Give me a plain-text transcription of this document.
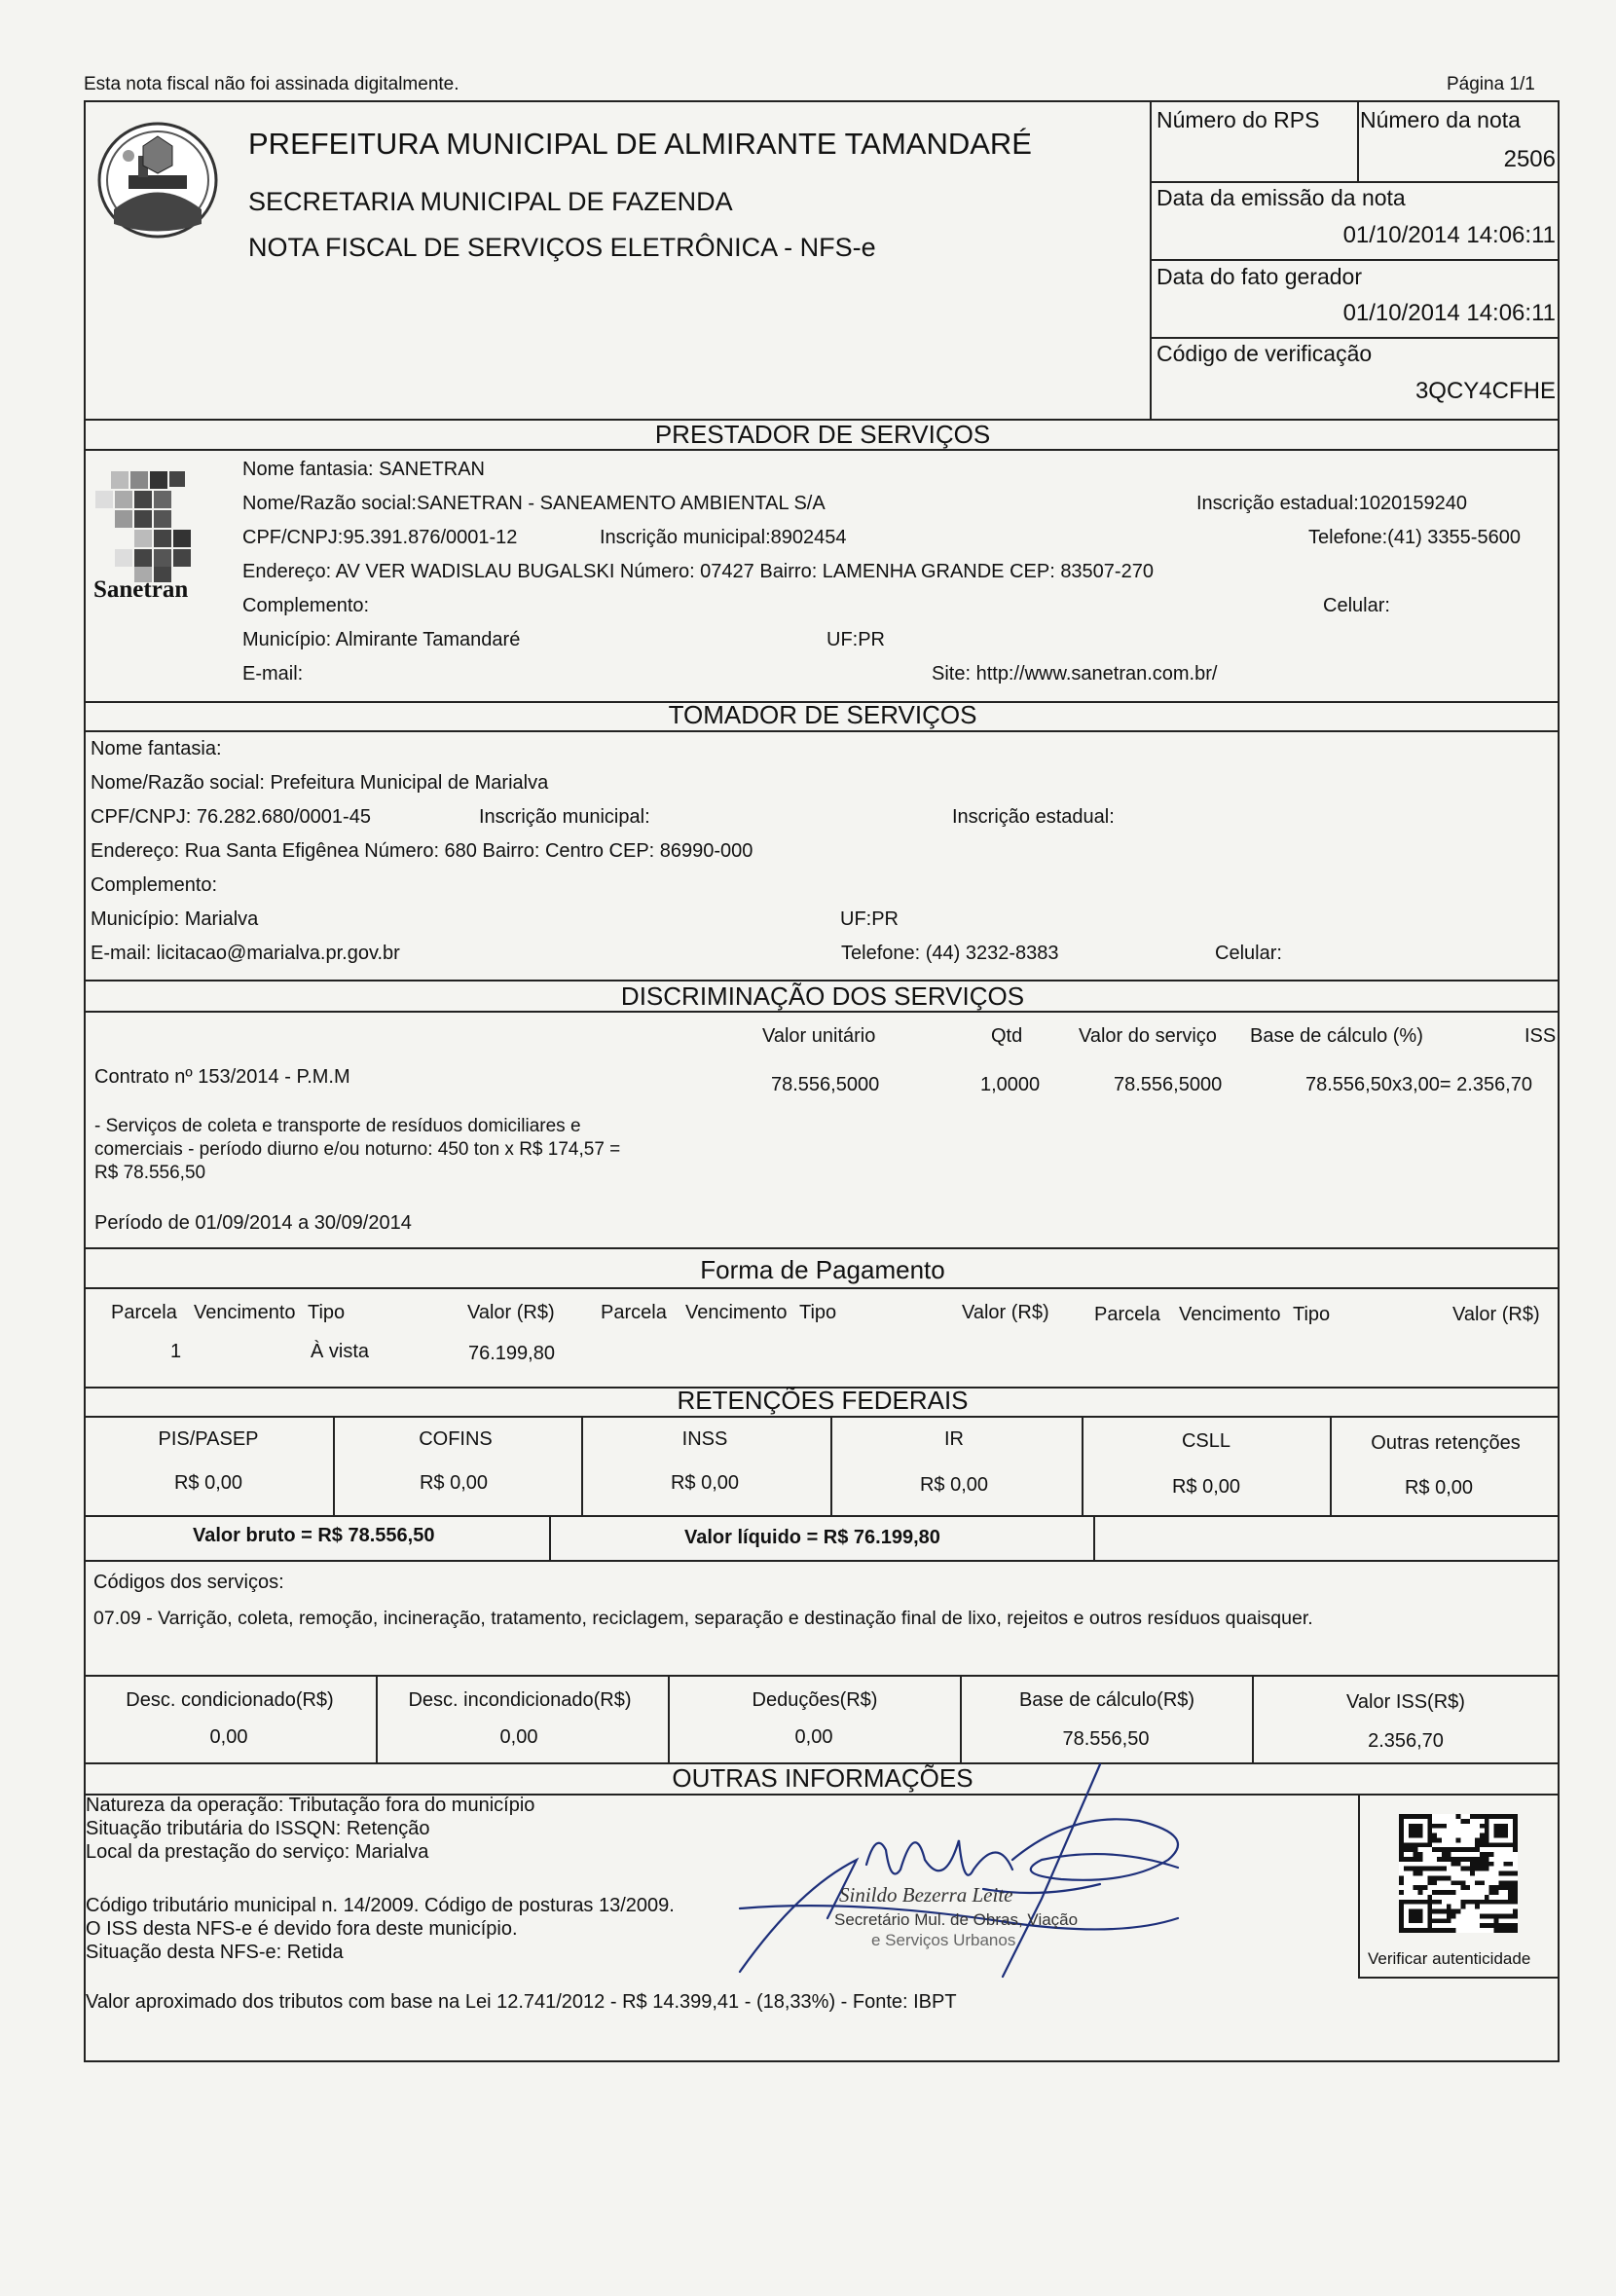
Esta nota fiscal não foi assinada digitalmente.	Página 1/1
PREFEITURA MUNICIPAL DE ALMIRANTE TAMANDARÉ
SECRETARIA MUNICIPAL DE FAZENDA
NOTA FISCAL DE SERVIÇOS ELETRÔNICA - NFS-e
Número do RPS Número da nota
2506
Data da emissão da nota
01/10/2014 14:06:11
Data do fato gerador
01/10/2014 14:06:11
Código de verificação
3QCY4CFHE
PRESTADOR DE SERVIÇOS
Sanetran
Nome fantasia: SANETRAN
Nome/Razão social:SANETRAN - SANEAMENTO AMBIENTAL S/A	Inscrição estadual:1020159240
CPF/CNPJ:95.391.876/0001-12	Inscrição municipal:8902454	Telefone:(41) 3355-5600
Endereço: AV VER WADISLAU BUGALSKI Número: 07427 Bairro: LAMENHA GRANDE CEP: 83507-270
Complemento:	Celular:
Município: Almirante Tamandaré	UF:PR
E-mail:	Site: http://www.sanetran.com.br/
TOMADOR DE SERVIÇOS
Nome fantasia:
Nome/Razão social: Prefeitura Municipal de Marialva
CPF/CNPJ: 76.282.680/0001-45	Inscrição municipal:	Inscrição estadual:
Endereço: Rua Santa Efigênea Número: 680 Bairro: Centro CEP: 86990-000
Complemento:
Município: Marialva	UF:PR
E-mail: licitacao@marialva.pr.gov.br	Telefone: (44) 3232-8383	Celular:
DISCRIMINAÇÃO DOS SERVIÇOS
Valor unitário	Qtd	Valor do serviço Base de cálculo (%)	ISS
Contrato nº 153/2014 - P.M.M	78.556,5000	1,0000	78.556,5000	78.556,50x3,00= 2.356,70
- Serviços de coleta e transporte de resíduos domiciliares e
comerciais - período diurno e/ou noturno: 450 ton x R$ 174,57 =
R$ 78.556,50
Período de 01/09/2014 a 30/09/2014
Forma de Pagamento
Parcela Vencimento Tipo	Valor (R$) Parcela Vencimento Tipo	Valor (R$) Parcela Vencimento Tipo	Valor (R$)
1	À vista	76.199,80
RETENÇÕES FEDERAIS
PIS/PASEP
R$ 0,00
COFINS
R$ 0,00
INSS
R$ 0,00
IR
R$ 0,00
CSLL
R$ 0,00
Outras retenções
R$ 0,00
Valor bruto = R$ 78.556,50	Valor líquido = R$ 76.199,80
Códigos dos serviços:
07.09 - Varrição, coleta, remoção, incineração, tratamento, reciclagem, separação e destinação final de lixo, rejeitos e outros resíduos quaisquer.
Desc. condicionado(R$)
0,00
Desc. incondicionado(R$)
0,00
Deduções(R$)
0,00
Base de cálculo(R$)
78.556,50
Valor ISS(R$)
2.356,70
OUTRAS INFORMAÇÕES
Natureza da operação: Tributação fora do município
Situação tributária do ISSQN: Retenção
Local da prestação do serviço: Marialva
Código tributário municipal n. 14/2009. Código de posturas 13/2009.
O ISS desta NFS-e é devido fora deste município.
Situação desta NFS-e: Retida
Valor aproximado dos tributos com base na Lei 12.741/2012 - R$ 14.399,41 - (18,33%) - Fonte: IBPT
Verificar autenticidade
Sinildo Bezerra Leite
Secretário Mul. de Obras, Viação
e Serviços Urbanos
